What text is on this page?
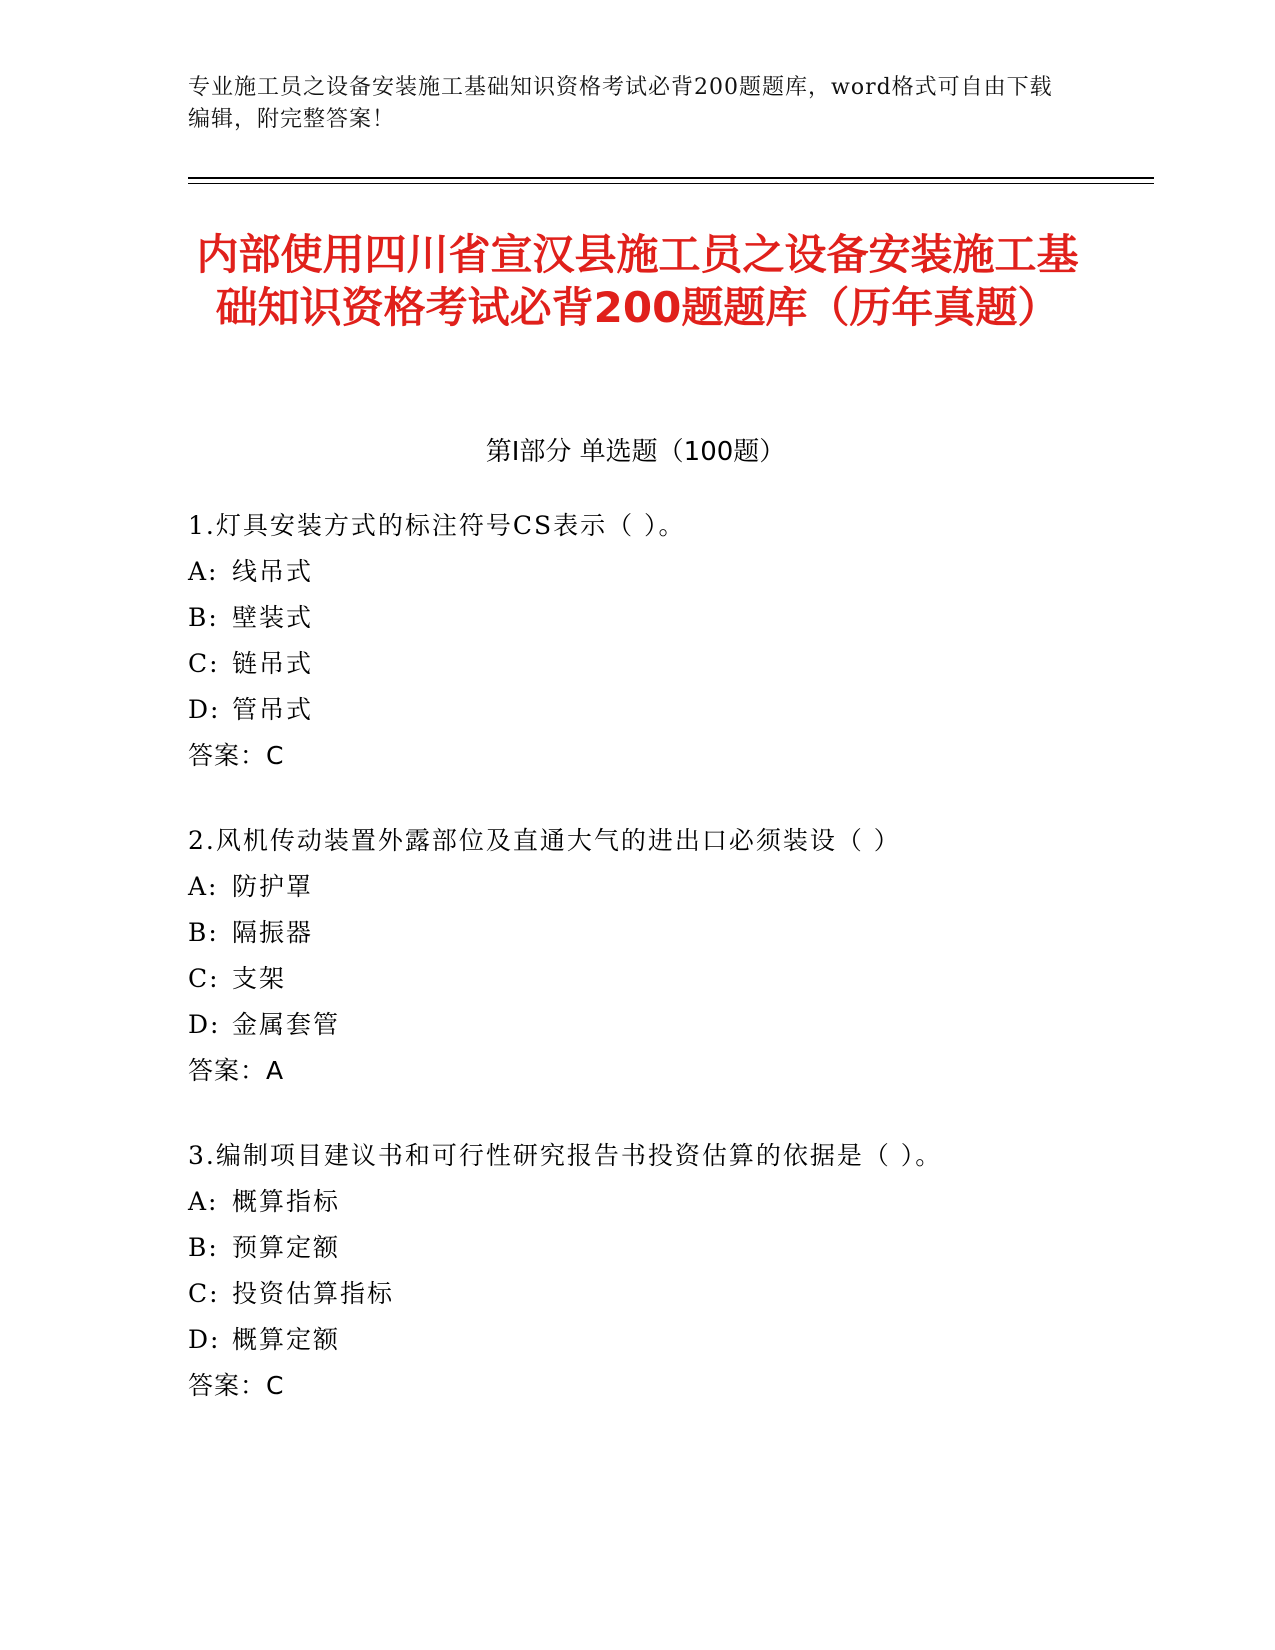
专业施工员之设备安装施工基础知识资格考试必背200题题库，word格式可自由下载编辑，附完整答案！
内部使用四川省宣汉县施工员之设备安装施工基础知识资格考试必背200题题库（历年真题）
第Ⅰ部分 单选题（100题）
1.灯具安装方式的标注符号CS表示（ ）。
A: 线吊式
B: 壁装式
C: 链吊式
D: 管吊式
答案：C
2.风机传动装置外露部位及直通大气的进出口必须装设（ ）
A: 防护罩
B: 隔振器
C: 支架
D: 金属套管
答案：A
3.编制项目建议书和可行性研究报告书投资估算的依据是（ ）。
A: 概算指标
B: 预算定额
C: 投资估算指标
D: 概算定额
答案：C
